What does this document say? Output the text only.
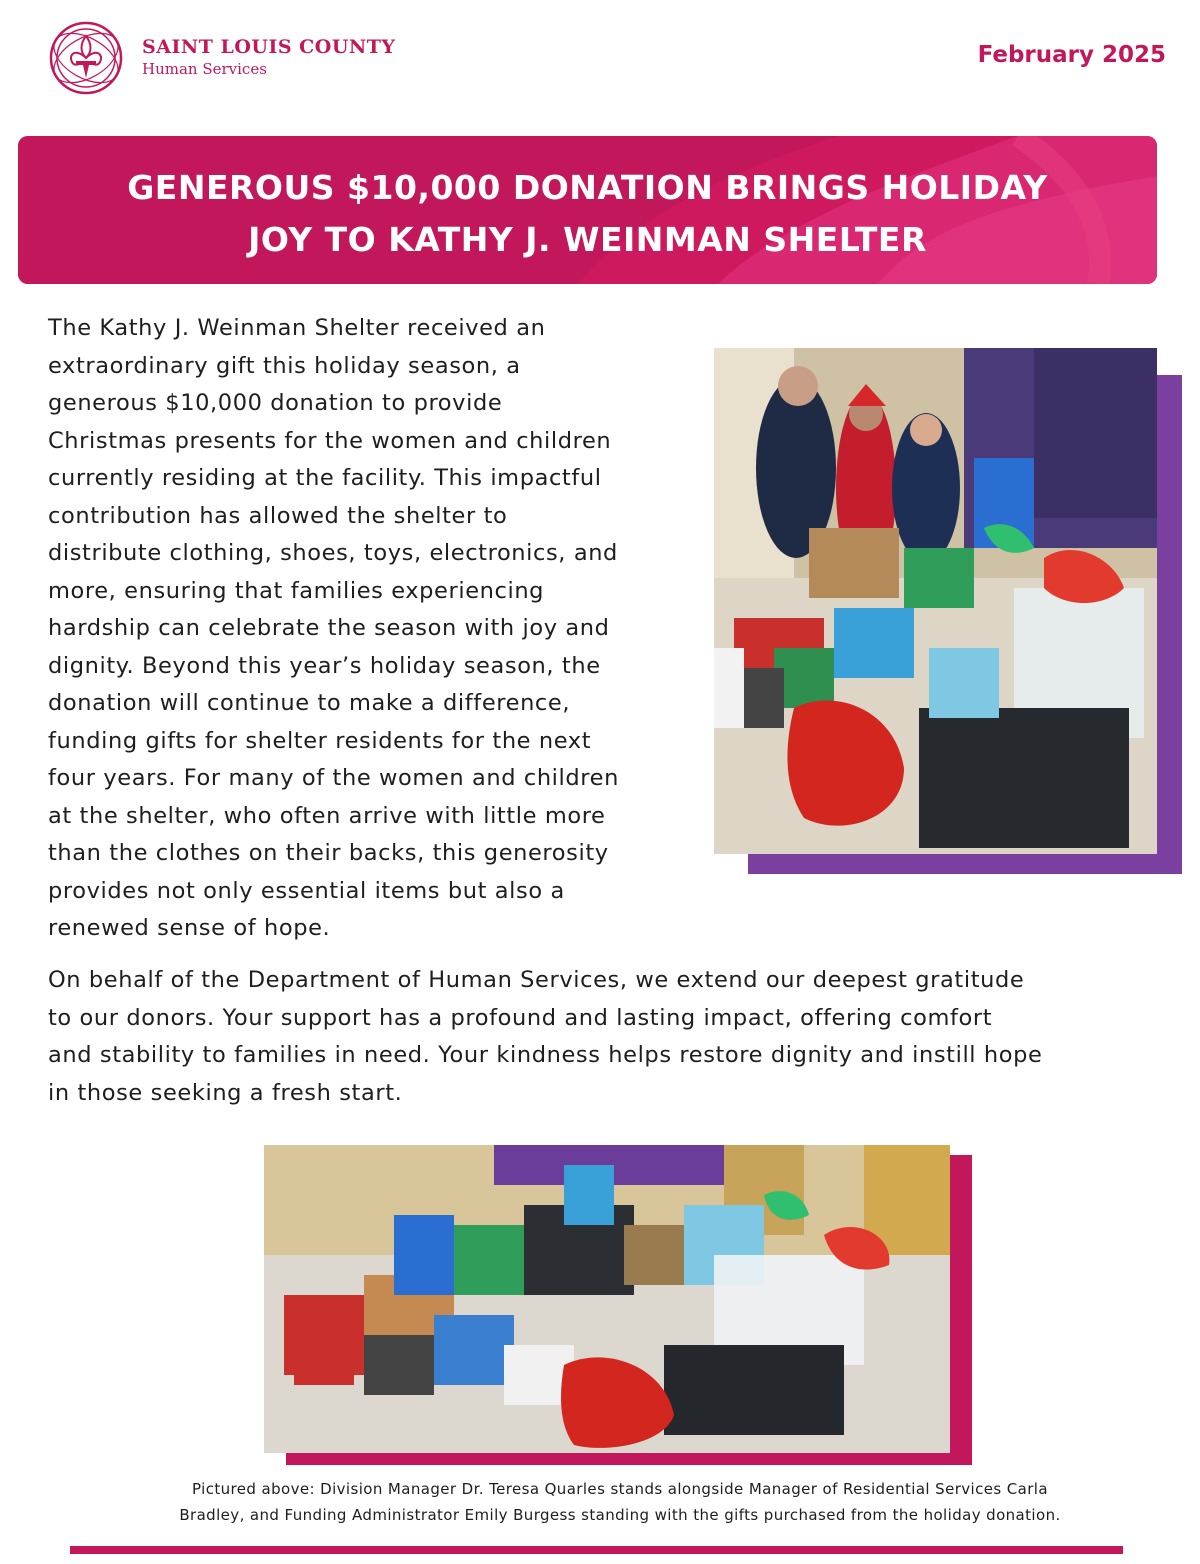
SAINT LOUIS COUNTY
Human Services
February 2025
GENEROUS $10,000 DONATION BRINGS HOLIDAY
JOY TO KATHY J. WEINMAN SHELTER
The Kathy J. Weinman Shelter received an
extraordinary gift this holiday season, a
generous $10,000 donation to provide
Christmas presents for the women and children
currently residing at the facility. This impactful
contribution has allowed the shelter to
distribute clothing, shoes, toys, electronics, and
more, ensuring that families experiencing
hardship can celebrate the season with joy and
dignity. Beyond this year’s holiday season, the
donation will continue to make a difference,
funding gifts for shelter residents for the next
four years. For many of the women and children
at the shelter, who often arrive with little more
than the clothes on their backs, this generosity
provides not only essential items but also a
renewed sense of hope.
On behalf of the Department of Human Services, we extend our deepest gratitude
to our donors. Your support has a profound and lasting impact, offering comfort
and stability to families in need. Your kindness helps restore dignity and instill hope
in those seeking a fresh start.
Pictured above: Division Manager Dr. Teresa Quarles stands alongside Manager of Residential Services Carla
Bradley, and Funding Administrator Emily Burgess standing with the gifts purchased from the holiday donation.
